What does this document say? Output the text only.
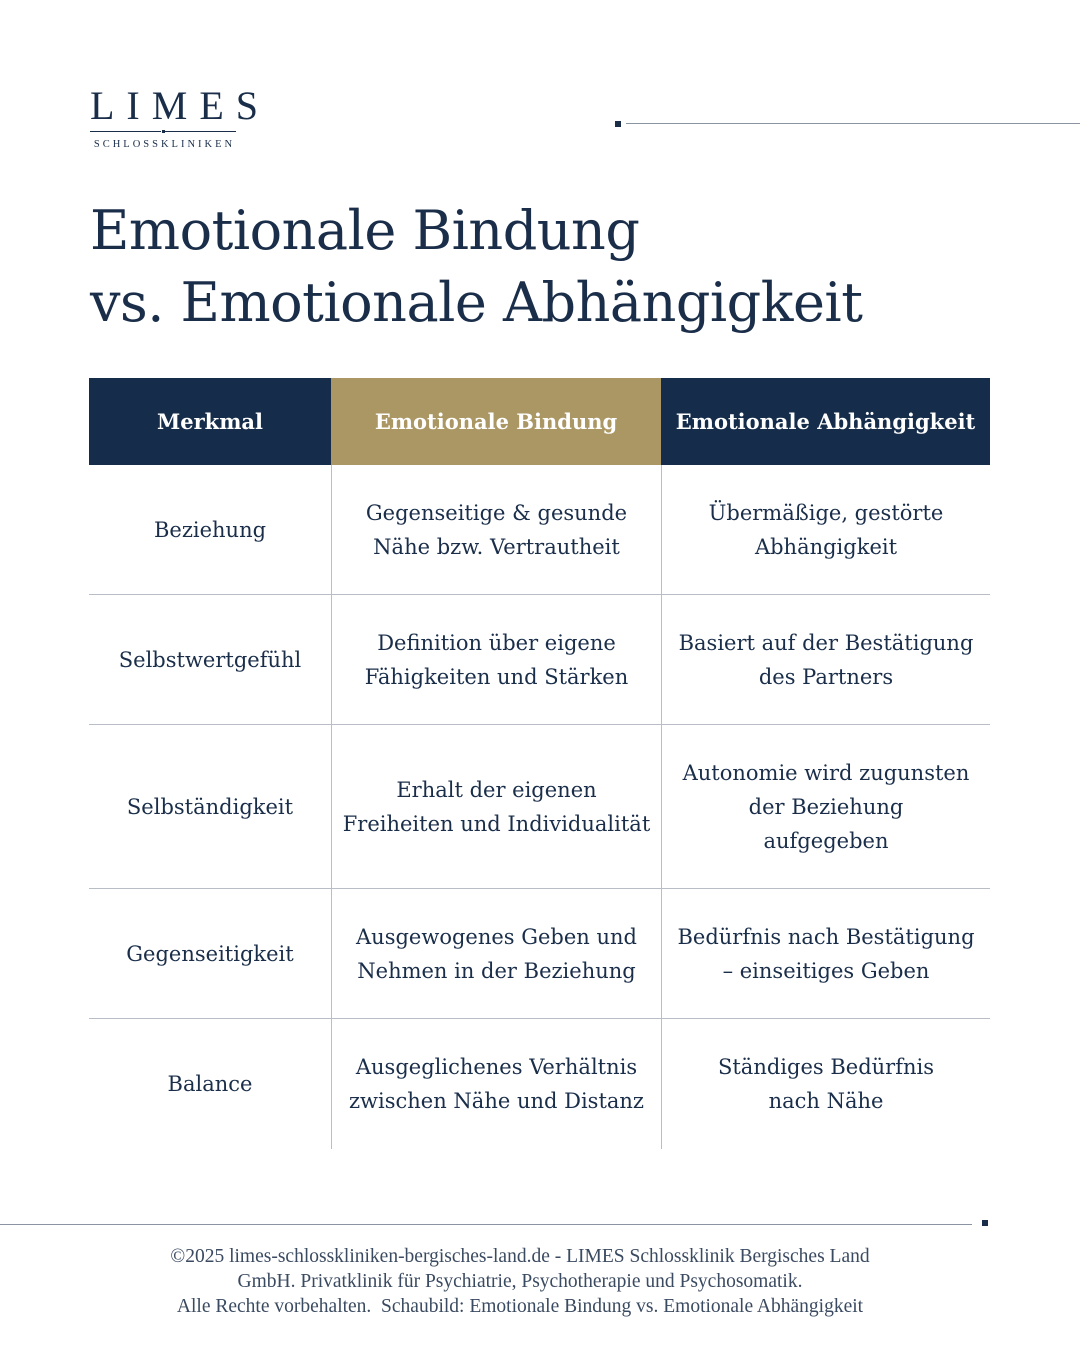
LIMES
SCHLOSSKLINIKEN
Emotionale Bindung
vs. Emotionale Abhängigkeit
Merkmal	Emotionale Bindung	Emotionale Abhängigkeit
Beziehung
Gegenseitige & gesunde
Nähe bzw. Vertrautheit
Übermäßige, gestörte
Abhängigkeit
Selbstwertgefühl
Definition über eigene
Fähigkeiten und Stärken
Basiert auf der Bestätigung
des Partners
Selbständigkeit
Erhalt der eigenen
Freiheiten und Individualität
Autonomie wird zugunsten
der Beziehung
aufgegeben
Gegenseitigkeit
Ausgewogenes Geben und
Nehmen in der Beziehung
Bedürfnis nach Bestätigung
– einseitiges Geben
Balance
Ausgeglichenes Verhältnis
zwischen Nähe und Distanz
Ständiges Bedürfnis
nach Nähe
©2025 limes-schlosskliniken-bergisches-land.de - LIMES Schlossklinik Bergisches Land
GmbH. Privatklinik für Psychiatrie, Psychotherapie und Psychosomatik.
Alle Rechte vorbehalten.  Schaubild: Emotionale Bindung vs. Emotionale Abhängigkeit
